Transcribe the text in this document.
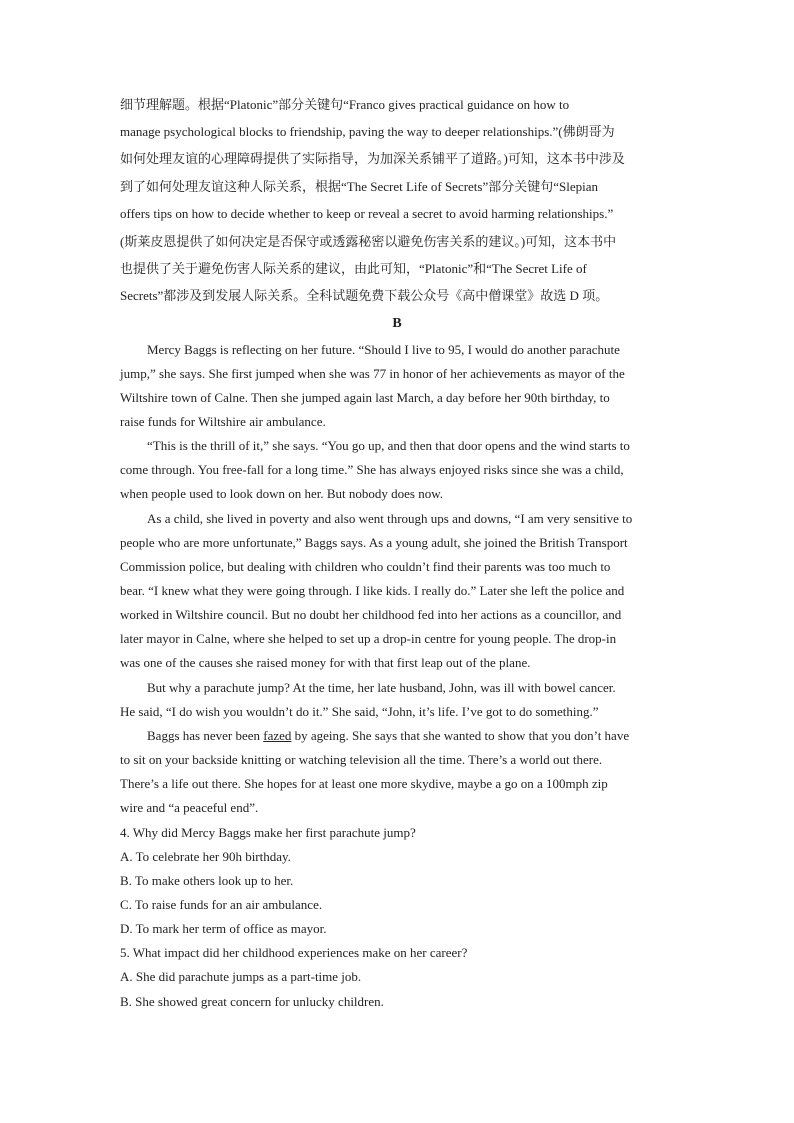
细节理解题。根据“Platonic”部分关键句“Franco gives practical guidance on how to
manage psychological blocks to friendship, paving the way to deeper relationships.”(佛朗哥为
如何处理友谊的心理障碍提供了实际指导，为加深关系铺平了道路。)可知，这本书中涉及
到了如何处理友谊这种人际关系，根据“The Secret Life of Secrets”部分关键句“Slepian
offers tips on how to decide whether to keep or reveal a secret to avoid harming relationships.”
(斯莱皮恩提供了如何决定是否保守或透露秘密以避免伤害关系的建议。)可知，这本书中
也提供了关于避免伤害人际关系的建议，由此可知，“Platonic”和“The Secret Life of
Secrets”都涉及到发展人际关系。全科试题免费下载公众号《高中僧课堂》故选 D 项。
B
Mercy Baggs is reflecting on her future. “Should I live to 95, I would do another parachute
jump,” she says. She first jumped when she was 77 in honor of her achievements as mayor of the
Wiltshire town of Calne. Then she jumped again last March, a day before her 90th birthday, to
raise funds for Wiltshire air ambulance.
“This is the thrill of it,” she says. “You go up, and then that door opens and the wind starts to
come through. You free-fall for a long time.” She has always enjoyed risks since she was a child,
when people used to look down on her. But nobody does now.
As a child, she lived in poverty and also went through ups and downs, “I am very sensitive to
people who are more unfortunate,” Baggs says. As a young adult, she joined the British Transport
Commission police, but dealing with children who couldn’t find their parents was too much to
bear. “I knew what they were going through. I like kids. I really do.” Later she left the police and
worked in Wiltshire council. But no doubt her childhood fed into her actions as a councillor, and
later mayor in Calne, where she helped to set up a drop-in centre for young people. The drop-in
was one of the causes she raised money for with that first leap out of the plane.
But why a parachute jump? At the time, her late husband, John, was ill with bowel cancer.
He said, “I do wish you wouldn’t do it.” She said, “John, it’s life. I’ve got to do something.”
Baggs has never been fazed by ageing. She says that she wanted to show that you don’t have
to sit on your backside knitting or watching television all the time. There’s a world out there.
There’s a life out there. She hopes for at least one more skydive, maybe a go on a 100mph zip
wire and “a peaceful end”.
4. Why did Mercy Baggs make her first parachute jump?
A. To celebrate her 90h birthday.
B. To make others look up to her.
C. To raise funds for an air ambulance.
D. To mark her term of office as mayor.
5. What impact did her childhood experiences make on her career?
A. She did parachute jumps as a part-time job.
B. She showed great concern for unlucky children.
